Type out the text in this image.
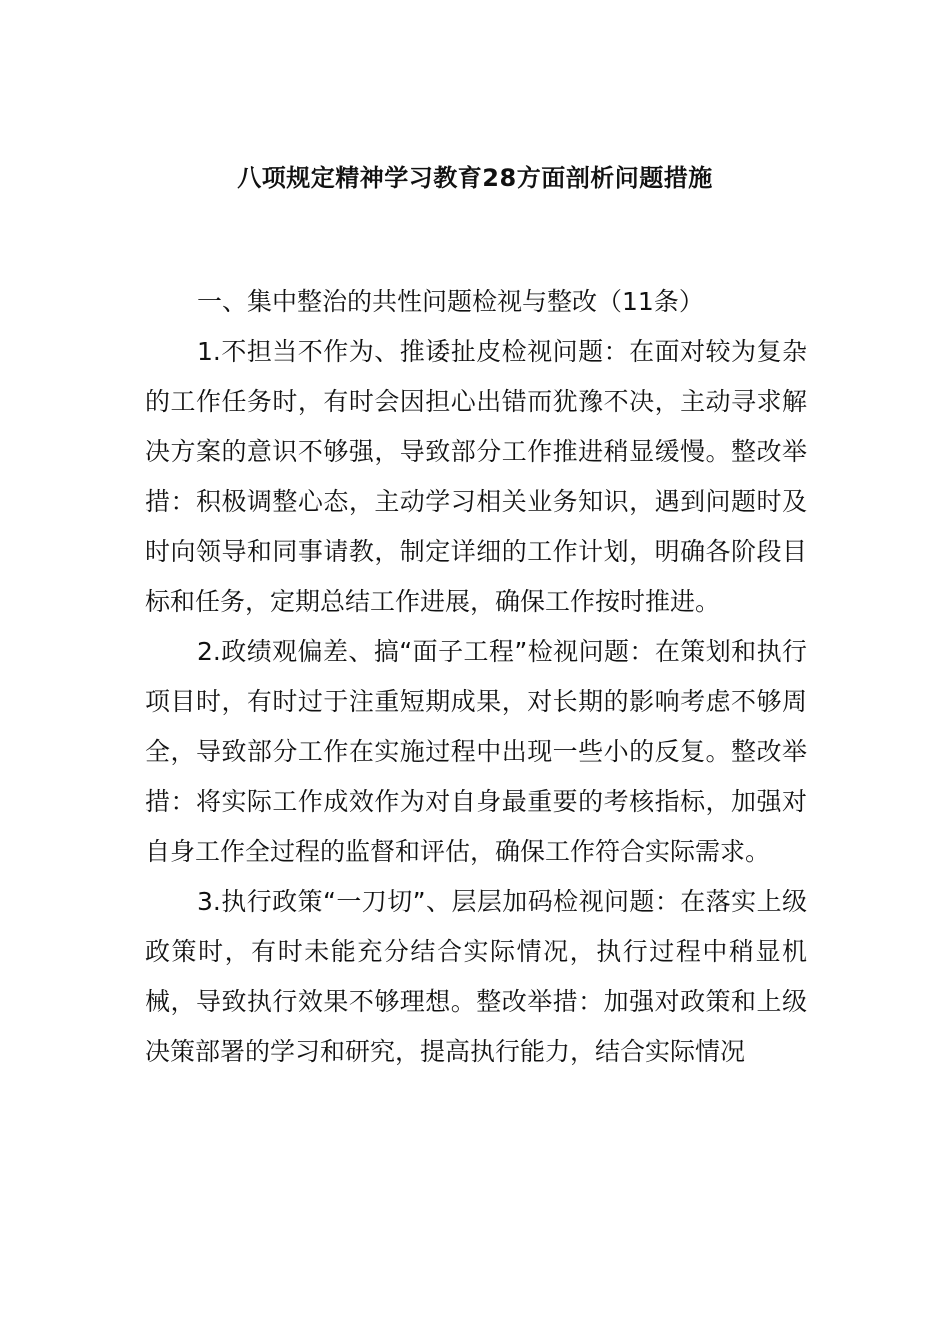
八项规定精神学习教育28方面剖析问题措施

一、集中整治的共性问题检视与整改（11条）

1.不担当不作为、推诿扯皮检视问题：在面对较为复杂的工作任务时，有时会因担心出错而犹豫不决，主动寻求解决方案的意识不够强，导致部分工作推进稍显缓慢。整改举措：积极调整心态，主动学习相关业务知识，遇到问题时及时向领导和同事请教，制定详细的工作计划，明确各阶段目标和任务，定期总结工作进展，确保工作按时推进。

2.政绩观偏差、搞“面子工程”检视问题：在策划和执行项目时，有时过于注重短期成果，对长期的影响考虑不够周全，导致部分工作在实施过程中出现一些小的反复。整改举措：将实际工作成效作为对自身最重要的考核指标，加强对自身工作全过程的监督和评估，确保工作符合实际需求。

3.执行政策“一刀切”、层层加码检视问题：在落实上级政策时，有时未能充分结合实际情况，执行过程中稍显机械，导致执行效果不够理想。整改举措：加强对政策和上级决策部署的学习和研究，提高执行能力，结合实际情况
